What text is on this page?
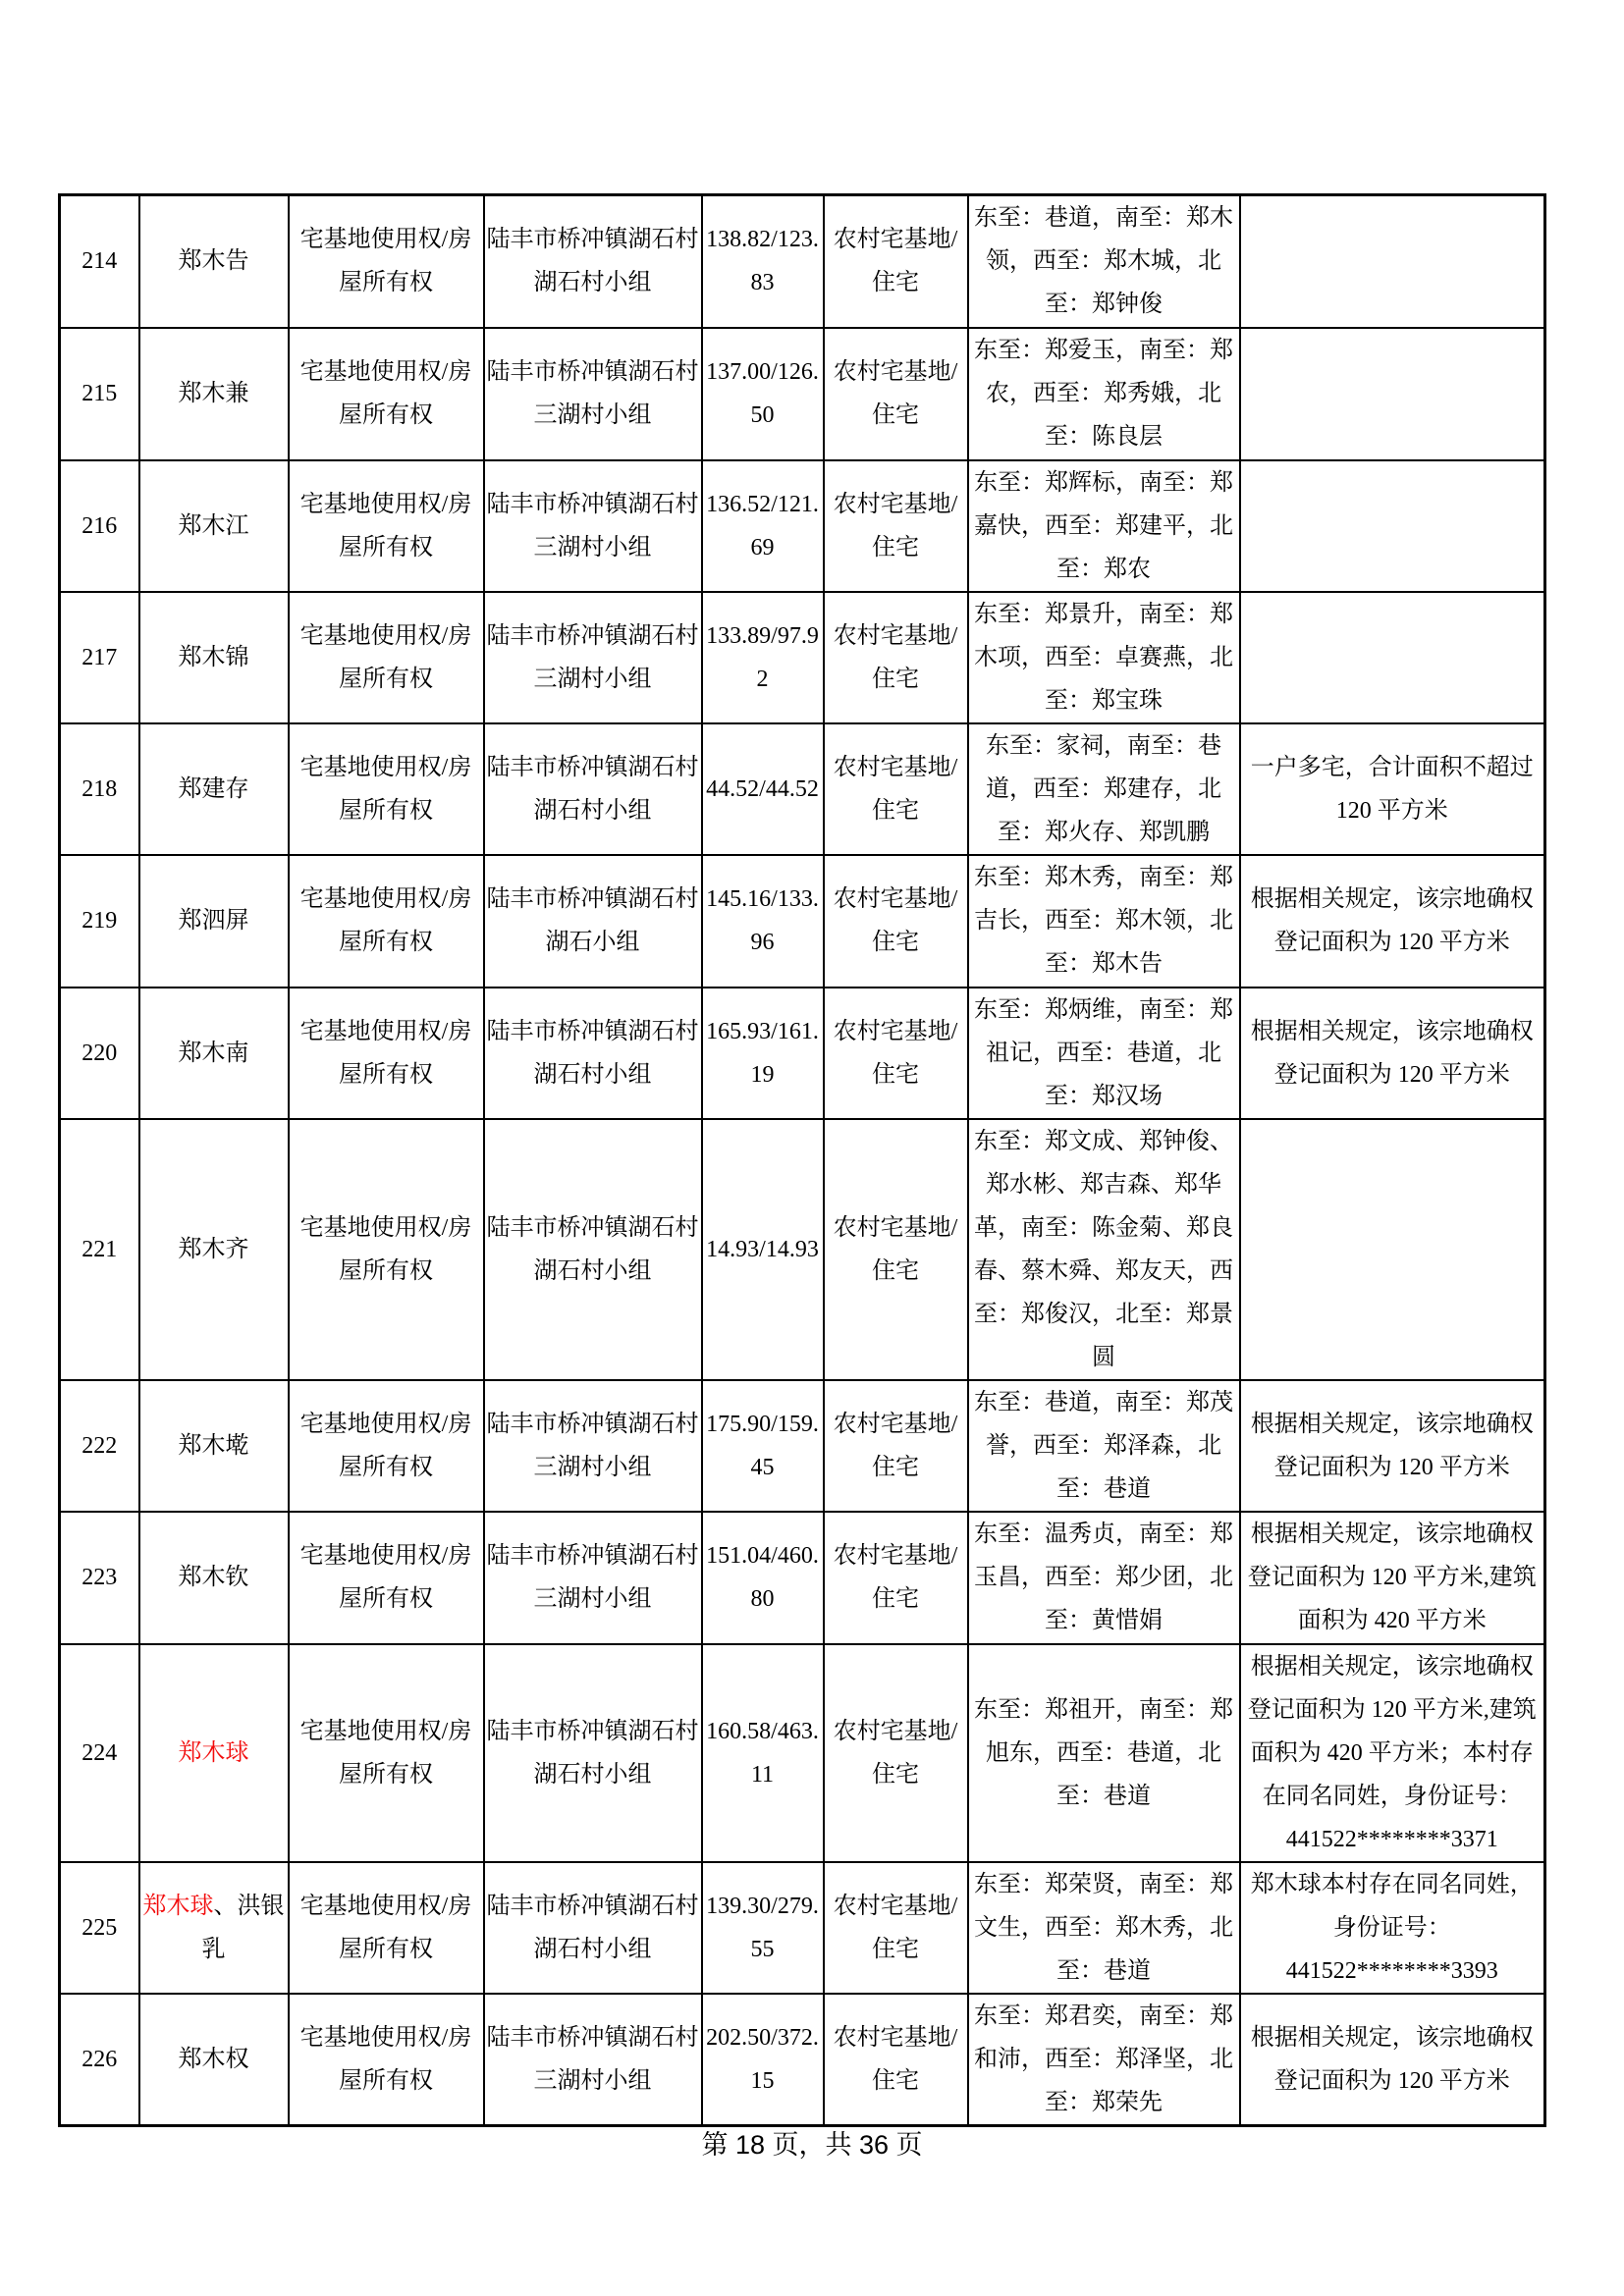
214	郑木告	宅基地使用权/房屋所有权	陆丰市桥冲镇湖石村湖石村小组	138.82/123.83	农村宅基地/住宅	东至：巷道，南至：郑木领，西至：郑木城，北至：郑钟俊	
215	郑木兼	宅基地使用权/房屋所有权	陆丰市桥冲镇湖石村三湖村小组	137.00/126.50	农村宅基地/住宅	东至：郑爱玉，南至：郑农，西至：郑秀娥，北至：陈良层	
216	郑木江	宅基地使用权/房屋所有权	陆丰市桥冲镇湖石村三湖村小组	136.52/121.69	农村宅基地/住宅	东至：郑辉标，南至：郑嘉快，西至：郑建平，北至：郑农	
217	郑木锦	宅基地使用权/房屋所有权	陆丰市桥冲镇湖石村三湖村小组	133.89/97.92	农村宅基地/住宅	东至：郑景升，南至：郑木项，西至：卓赛燕，北至：郑宝珠	
218	郑建存	宅基地使用权/房屋所有权	陆丰市桥冲镇湖石村湖石村小组	44.52/44.52	农村宅基地/住宅	东至：家祠，南至：巷道，西至：郑建存，北至：郑火存、郑凯鹏	一户多宅，合计面积不超过 120 平方米
219	郑泗屏	宅基地使用权/房屋所有权	陆丰市桥冲镇湖石村湖石小组	145.16/133.96	农村宅基地/住宅	东至：郑木秀，南至：郑吉长，西至：郑木领，北至：郑木告	根据相关规定，该宗地确权登记面积为 120 平方米
220	郑木南	宅基地使用权/房屋所有权	陆丰市桥冲镇湖石村湖石村小组	165.93/161.19	农村宅基地/住宅	东至：郑炳维，南至：郑祖记，西至：巷道，北至：郑汉场	根据相关规定，该宗地确权登记面积为 120 平方米
221	郑木齐	宅基地使用权/房屋所有权	陆丰市桥冲镇湖石村湖石村小组	14.93/14.93	农村宅基地/住宅	东至：郑文成、郑钟俊、郑水彬、郑吉森、郑华革，南至：陈金菊、郑良春、蔡木舜、郑友天，西至：郑俊汉，北至：郑景圆	
222	郑木墘	宅基地使用权/房屋所有权	陆丰市桥冲镇湖石村三湖村小组	175.90/159.45	农村宅基地/住宅	东至：巷道，南至：郑茂誉，西至：郑泽森，北至：巷道	根据相关规定，该宗地确权登记面积为 120 平方米
223	郑木钦	宅基地使用权/房屋所有权	陆丰市桥冲镇湖石村三湖村小组	151.04/460.80	农村宅基地/住宅	东至：温秀贞，南至：郑玉昌，西至：郑少团，北至：黄惜娟	根据相关规定，该宗地确权登记面积为 120 平方米,建筑面积为 420 平方米
224	郑木球	宅基地使用权/房屋所有权	陆丰市桥冲镇湖石村湖石村小组	160.58/463.11	农村宅基地/住宅	东至：郑祖开，南至：郑旭东，西至：巷道，北至：巷道	根据相关规定，该宗地确权登记面积为 120 平方米,建筑面积为 420 平方米；本村存在同名同姓，身份证号：441522********3371
225	郑木球、洪银乳	宅基地使用权/房屋所有权	陆丰市桥冲镇湖石村湖石村小组	139.30/279.55	农村宅基地/住宅	东至：郑荣贤，南至：郑文生，西至：郑木秀，北至：巷道	郑木球本村存在同名同姓，身份证号：441522********3393
226	郑木权	宅基地使用权/房屋所有权	陆丰市桥冲镇湖石村三湖村小组	202.50/372.15	农村宅基地/住宅	东至：郑君奕，南至：郑和沛，西至：郑泽坚，北至：郑荣先	根据相关规定，该宗地确权登记面积为 120 平方米
第 18 页，共 36 页
